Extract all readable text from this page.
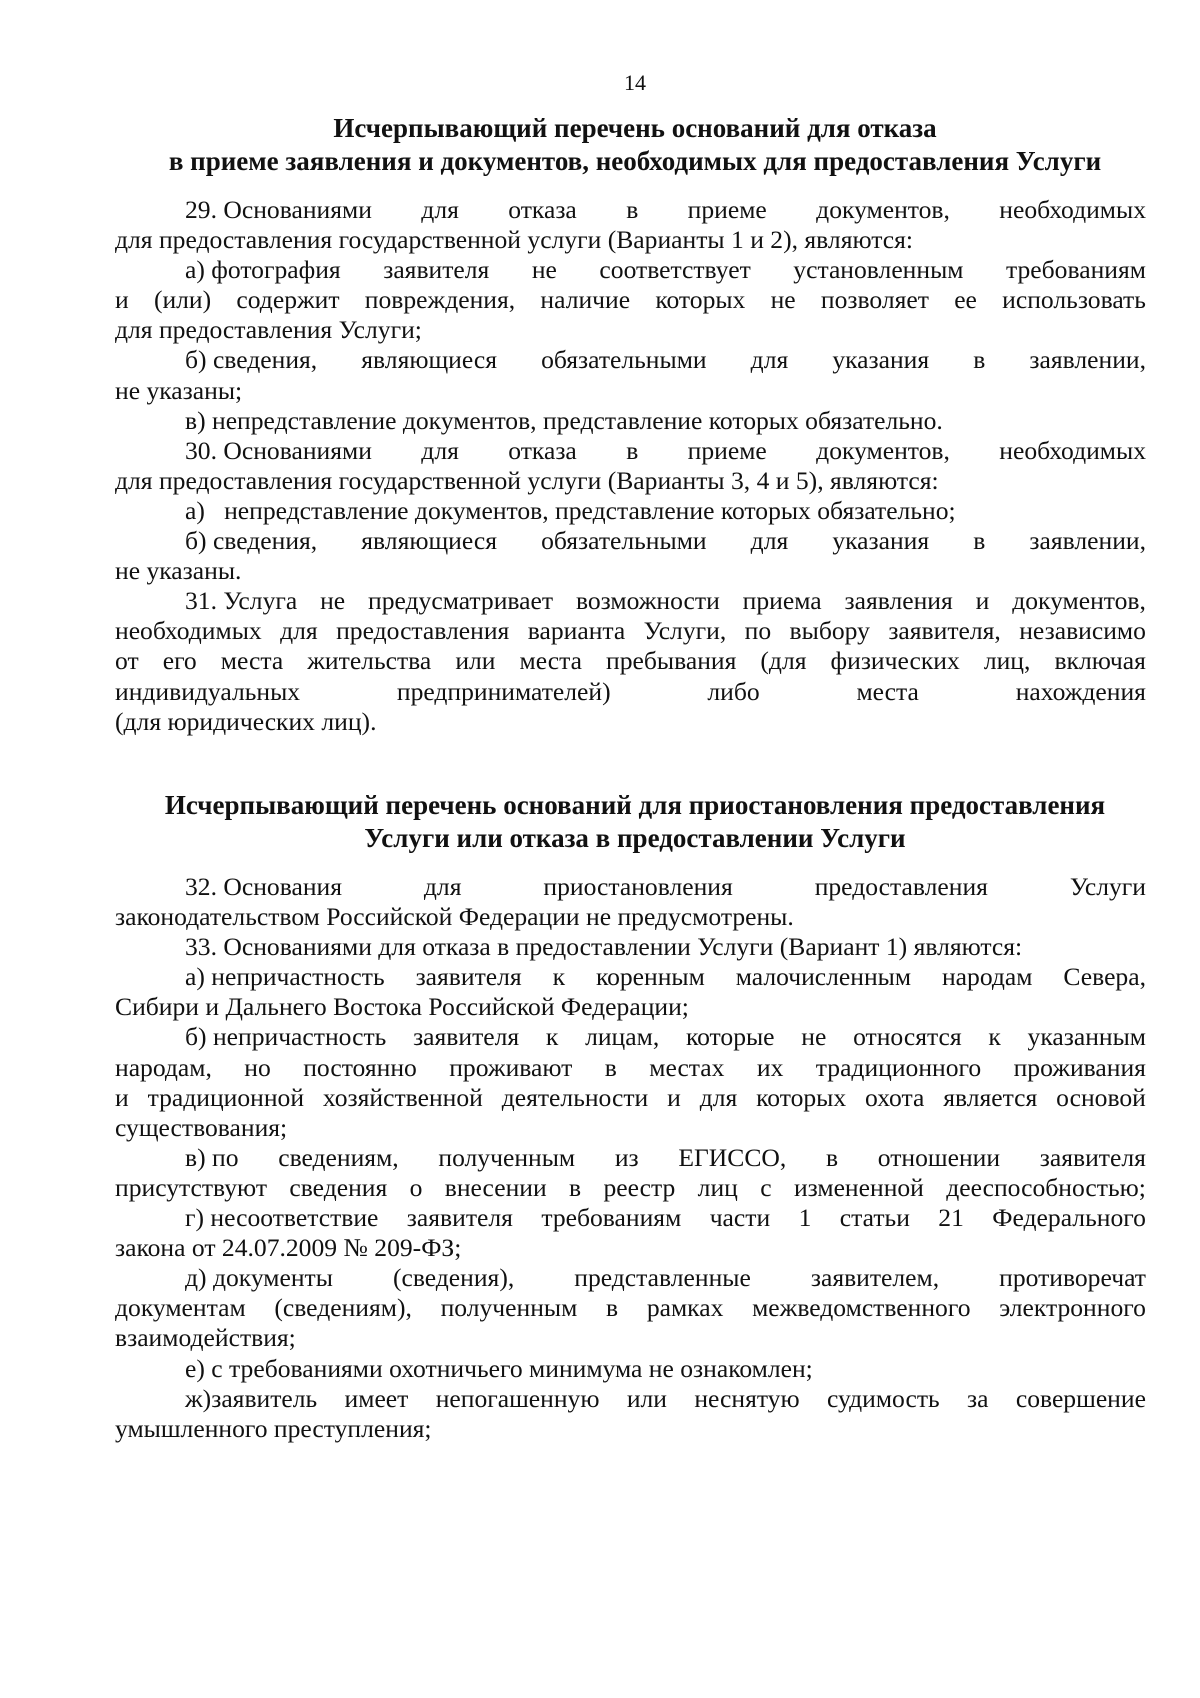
14
Исчерпывающий перечень оснований для отказа
в приеме заявления и документов, необходимых для предоставления Услуги
29. Основаниями для отказа в приеме документов, необходимых
для предоставления государственной услуги (Варианты 1 и 2), являются:
а) фотография заявителя не соответствует установленным требованиям
и (или) содержит повреждения, наличие которых не позволяет ее использовать
для предоставления Услуги;
б) сведения, являющиеся обязательными для указания в заявлении,
не указаны;
в) непредставление документов, представление которых обязательно.
30. Основаниями для отказа в приеме документов, необходимых
для предоставления государственной услуги (Варианты 3, 4 и 5), являются:
а)   непредставление документов, представление которых обязательно;
б) сведения, являющиеся обязательными для указания в заявлении,
не указаны.
31. Услуга не предусматривает возможности приема заявления и документов,
необходимых для предоставления варианта Услуги, по выбору заявителя, независимо
от его места жительства или места пребывания (для физических лиц, включая
индивидуальных	предпринимателей)	либо	места	нахождения
(для юридических лиц).
Исчерпывающий перечень оснований для приостановления предоставления
Услуги или отказа в предоставлении Услуги
32. Основания	для	приостановления	предоставления	Услуги
законодательством Российской Федерации не предусмотрены.
33. Основаниями для отказа в предоставлении Услуги (Вариант 1) являются:
а) непричастность заявителя к коренным малочисленным народам Севера,
Сибири и Дальнего Востока Российской Федерации;
б) непричастность заявителя к лицам, которые не относятся к указанным
народам, но постоянно проживают в местах их традиционного проживания
и традиционной хозяйственной деятельности и для которых охота является основой
существования;
в) по сведениям, полученным из ЕГИССО, в отношении заявителя
присутствуют сведения о внесении в реестр лиц с измененной дееспособностью;
г) несоответствие заявителя требованиям части 1 статьи 21 Федерального
закона от 24.07.2009 № 209-ФЗ;
д) документы (сведения), представленные заявителем, противоречат
документам (сведениям), полученным в рамках межведомственного электронного
взаимодействия;
е) с требованиями охотничьего минимума не ознакомлен;
ж)заявитель имеет непогашенную или неснятую судимость за совершение
умышленного преступления;
